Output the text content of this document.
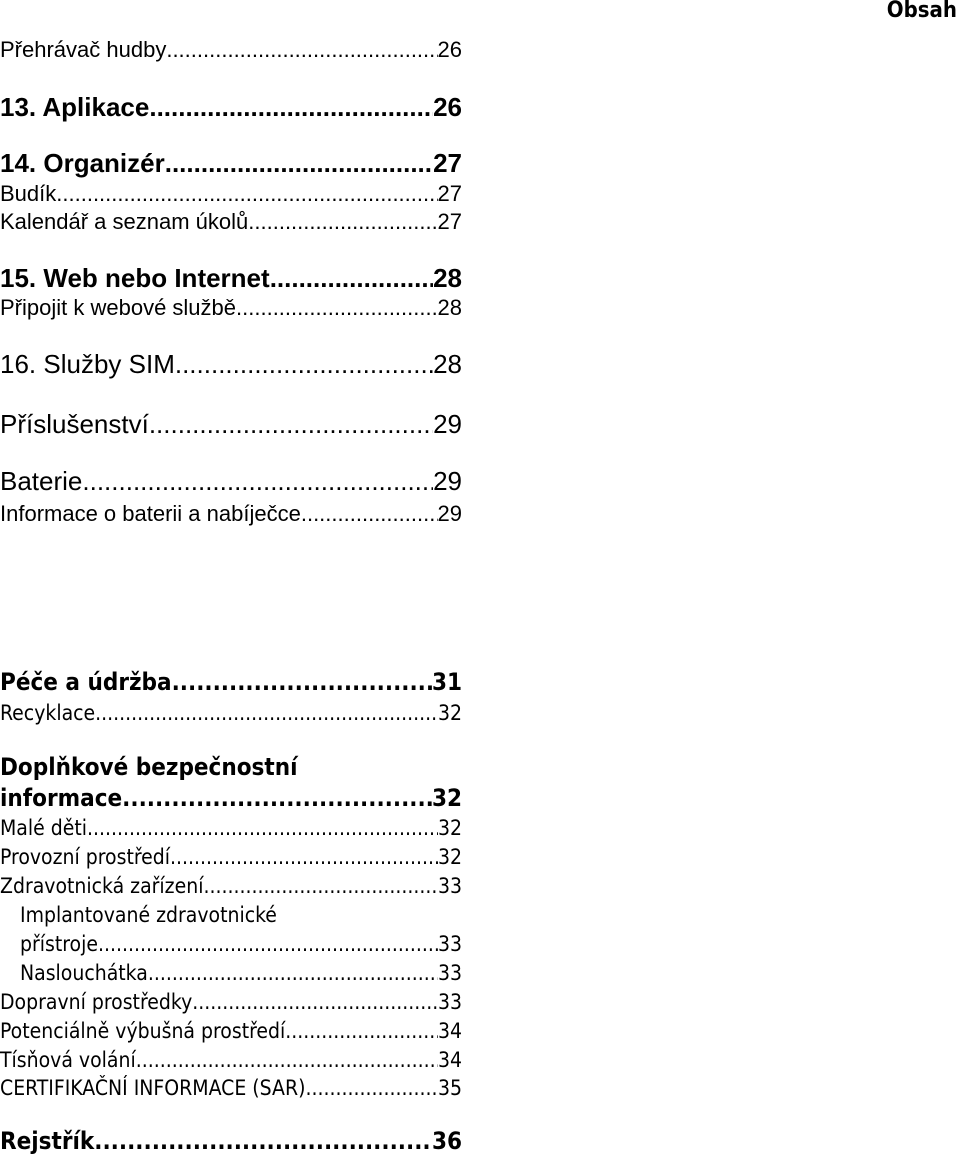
Obsah
Přehrávač hudby .....	26
13. Aplikace .....	26
14. Organizér .....	27
Budík .....	27
Kalendář a seznam úkolů .....	27
15. Web nebo Internet .....	28
Připojit k webové službě .....	28
16. Služby SIM .....	28
Příslušenství .....	29
Baterie .....	29
Informace o baterii a nabíječce .....	29
Péče a údržba .....	31
Recyklace .....	32
Doplňkové bezpečnostní
informace .....	32
Malé děti .....	32
Provozní prostředí .....	32
Zdravotnická zařízení .....	33
Implantované zdravotnické
přístroje .....	33
Naslouchátka .....	33
Dopravní prostředky .....	33
Potenciálně výbušná prostředí .....	34
Tísňová volání .....	34
CERTIFIKAČNÍ INFORMACE (SAR) .....	35
Rejstřík .....	36
